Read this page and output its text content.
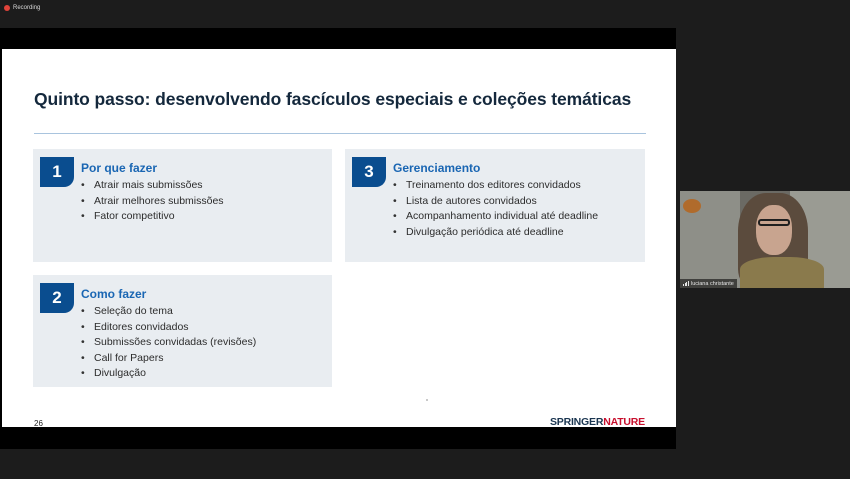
Recording
Quinto passo: desenvolvendo fascículos especiais e coleções temáticas
1	Por que fazer
• Atrair mais submissões
• Atrair melhores submissões
• Fator competitivo
3	Gerenciamento
• Treinamento dos editores convidados
• Lista de autores convidados
• Acompanhamento individual até deadline
• Divulgação periódica até deadline
2	Como fazer
• Seleção do tema
• Editores convidados
• Submissões convidadas (revisões)
• Call for Papers
• Divulgação
26	SPRINGERNATURE
luciana christante
